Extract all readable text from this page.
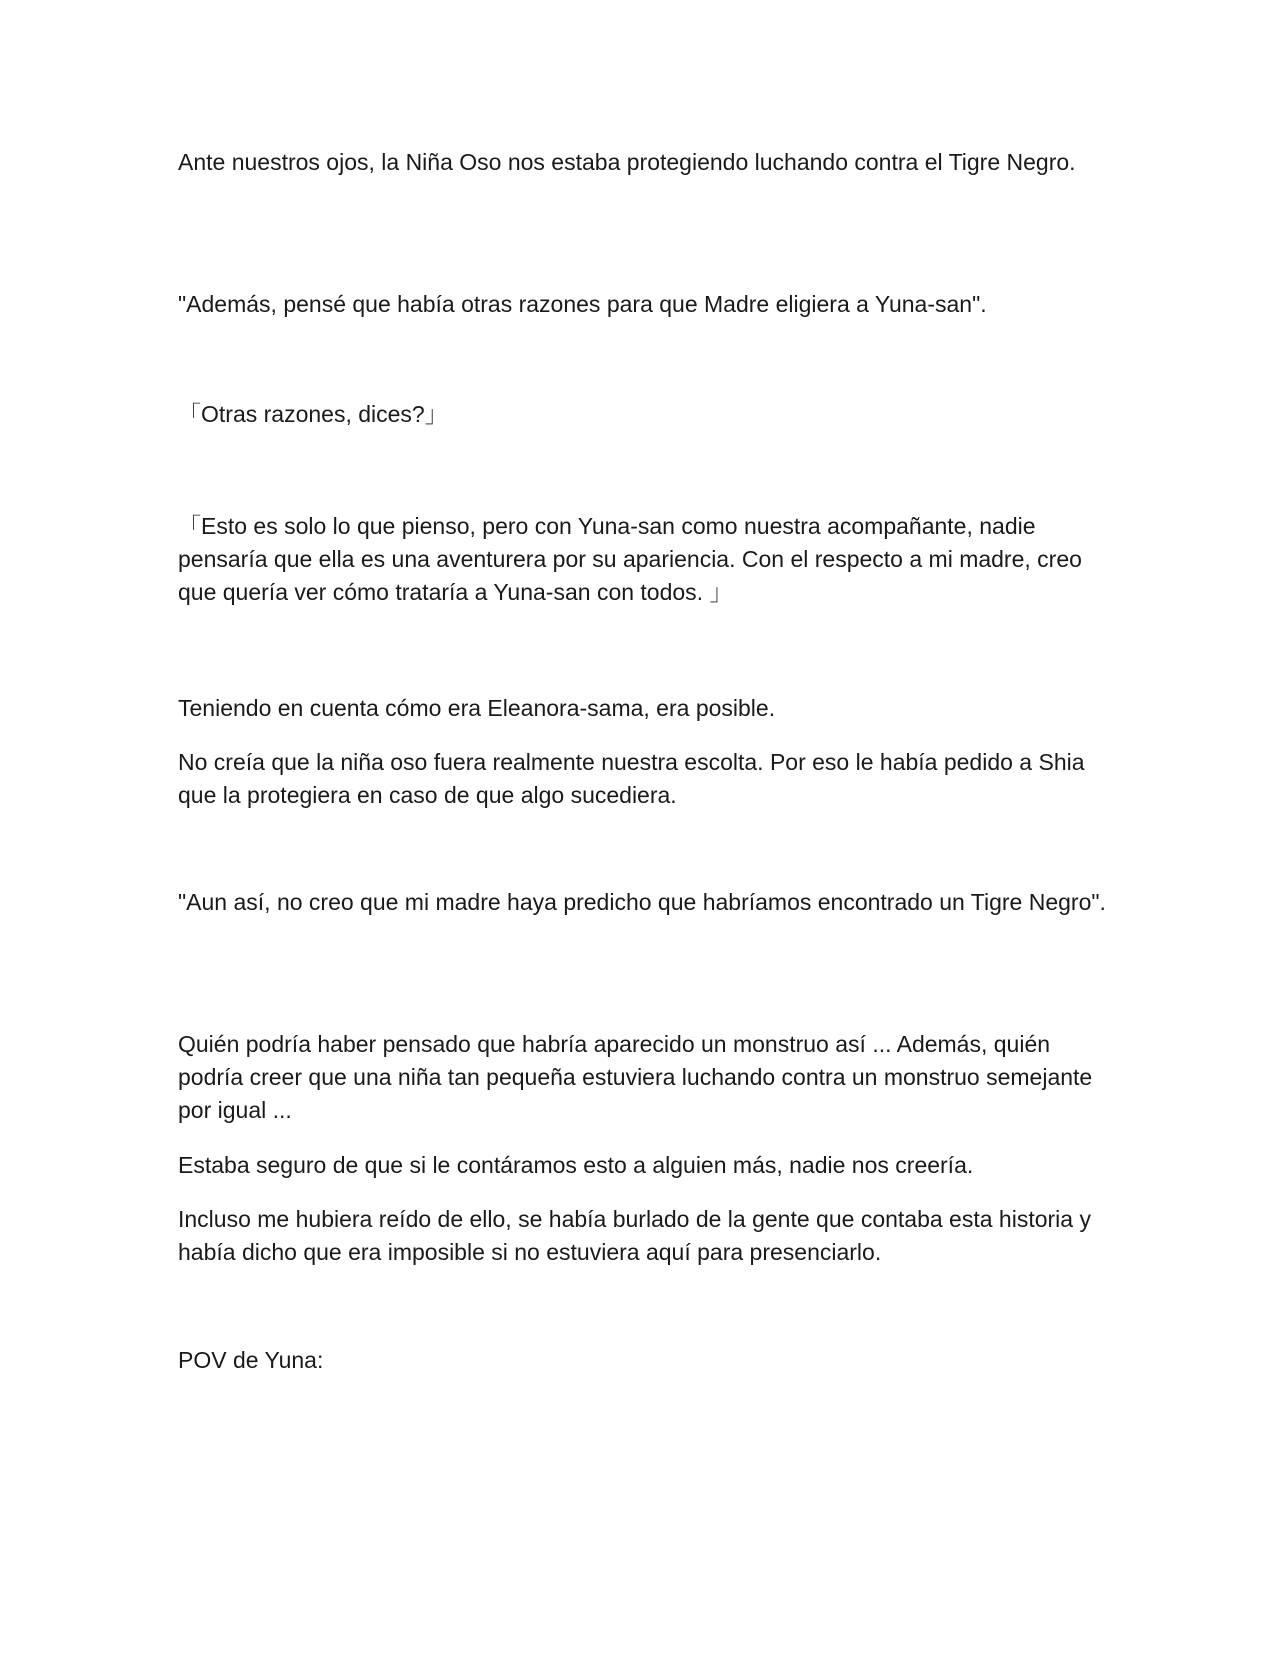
Ante nuestros ojos, la Niña Oso nos estaba protegiendo luchando contra el Tigre Negro.

"Además, pensé que había otras razones para que Madre eligiera a Yuna-san".

「Otras razones, dices?」

「Esto es solo lo que pienso, pero con Yuna-san como nuestra acompañante, nadie pensaría que ella es una aventurera por su apariencia. Con el respecto a mi madre, creo que quería ver cómo trataría a Yuna-san con todos. 」

Teniendo en cuenta cómo era Eleanora-sama, era posible.

No creía que la niña oso fuera realmente nuestra escolta. Por eso le había pedido a Shia que la protegiera en caso de que algo sucediera.

"Aun así, no creo que mi madre haya predicho que habríamos encontrado un Tigre Negro".

Quién podría haber pensado que habría aparecido un monstruo así ... Además, quién podría creer que una niña tan pequeña estuviera luchando contra un monstruo semejante por igual ...

Estaba seguro de que si le contáramos esto a alguien más, nadie nos creería.

Incluso me hubiera reído de ello, se había burlado de la gente que contaba esta historia y había dicho que era imposible si no estuviera aquí para presenciarlo.

POV de Yuna:
